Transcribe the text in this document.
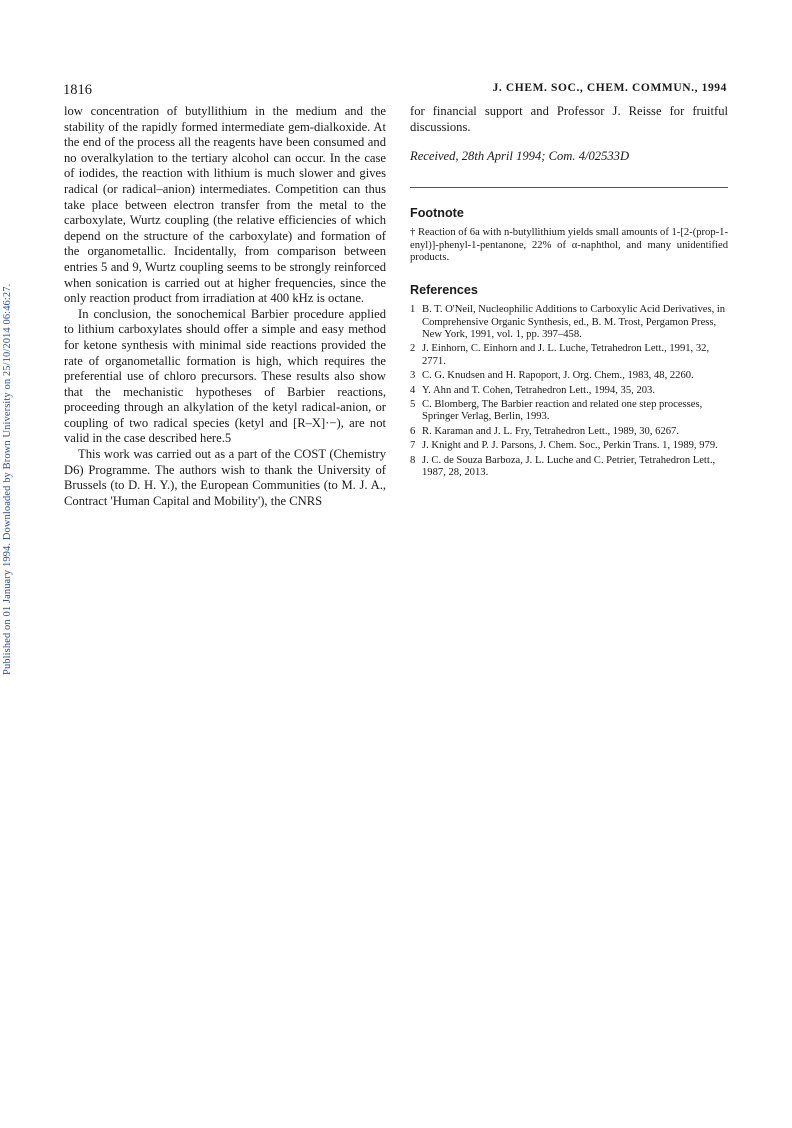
Published on 01 January 1994. Downloaded by Brown University on 25/10/2014 06:46:27.
1816	J. CHEM. SOC., CHEM. COMMUN., 1994

low concentration of butyllithium in the medium and the stability of the rapidly formed intermediate gem-dialkoxide. At the end of the process all the reagents have been consumed and no overalkylation to the tertiary alcohol can occur. In the case of iodides, the reaction with lithium is much slower and gives radical (or radical–anion) intermediates. Competition can thus take place between electron transfer from the metal to the carboxylate, Wurtz coupling (the relative efficiencies of which depend on the structure of the carboxylate) and formation of the organometallic. Incidentally, from comparison between entries 5 and 9, Wurtz coupling seems to be strongly reinforced when sonication is carried out at higher frequencies, since the only reaction product from irradiation at 400 kHz is octane.

In conclusion, the sonochemical Barbier procedure applied to lithium carboxylates should offer a simple and easy method for ketone synthesis with minimal side reactions provided the rate of organometallic formation is high, which requires the preferential use of chloro precursors. These results also show that the mechanistic hypotheses of Barbier reactions, proceeding through an alkylation of the ketyl radical-anion, or coupling of two radical species (ketyl and [R–X]·−), are not valid in the case described here.5

This work was carried out as a part of the COST (Chemistry D6) Programme. The authors wish to thank the University of Brussels (to D. H. Y.), the European Communities (to M. J. A., Contract 'Human Capital and Mobility'), the CNRS

for financial support and Professor J. Reisse for fruitful discussions.

Received, 28th April 1994; Com. 4/02533D

Footnote
† Reaction of 6a with n-butyllithium yields small amounts of 1-[2-(prop-1-enyl)]-phenyl-1-pentanone, 22% of α-naphthol, and many unidentified products.
References
1 B. T. O'Neil, Nucleophilic Additions to Carboxylic Acid Derivatives, in Comprehensive Organic Synthesis, ed., B. M. Trost, Pergamon Press, New York, 1991, vol. 1, pp. 397–458.
2 J. Einhorn, C. Einhorn and J. L. Luche, Tetrahedron Lett., 1991, 32, 2771.
3 C. G. Knudsen and H. Rapoport, J. Org. Chem., 1983, 48, 2260.
4 Y. Ahn and T. Cohen, Tetrahedron Lett., 1994, 35, 203.
5 C. Blomberg, The Barbier reaction and related one step processes, Springer Verlag, Berlin, 1993.
6 R. Karaman and J. L. Fry, Tetrahedron Lett., 1989, 30, 6267.
7 J. Knight and P. J. Parsons, J. Chem. Soc., Perkin Trans. 1, 1989, 979.
8 J. C. de Souza Barboza, J. L. Luche and C. Petrier, Tetrahedron Lett., 1987, 28, 2013.
